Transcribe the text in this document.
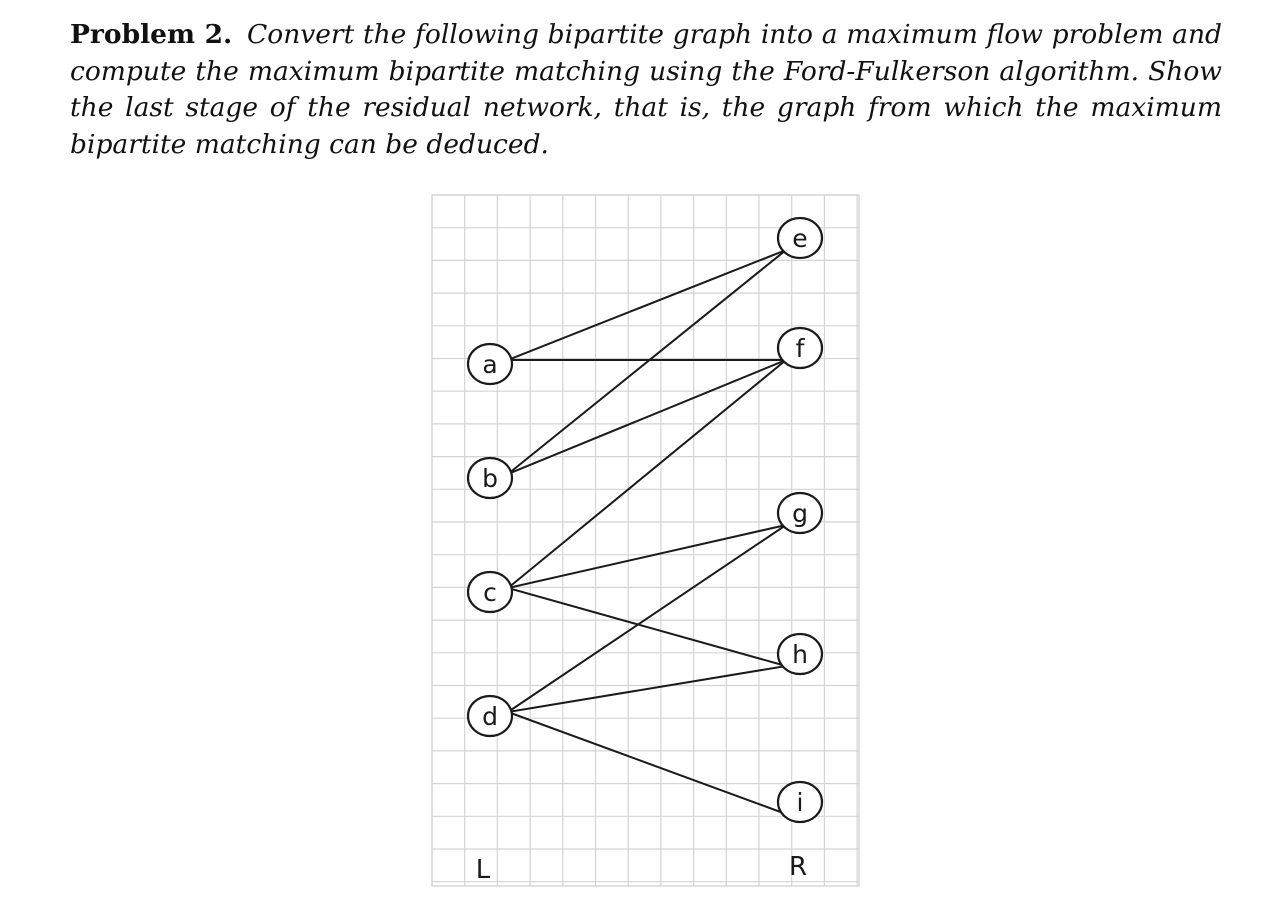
Problem 2. Convert the following bipartite graph into a maximum flow problem and compute the maximum bipartite matching using the Ford-Fulkerson algorithm. Show the last stage of the residual network, that is, the graph from which the maximum bipartite matching can be deduced.

a
b
c
d
e
f
g
h
i
L	R
